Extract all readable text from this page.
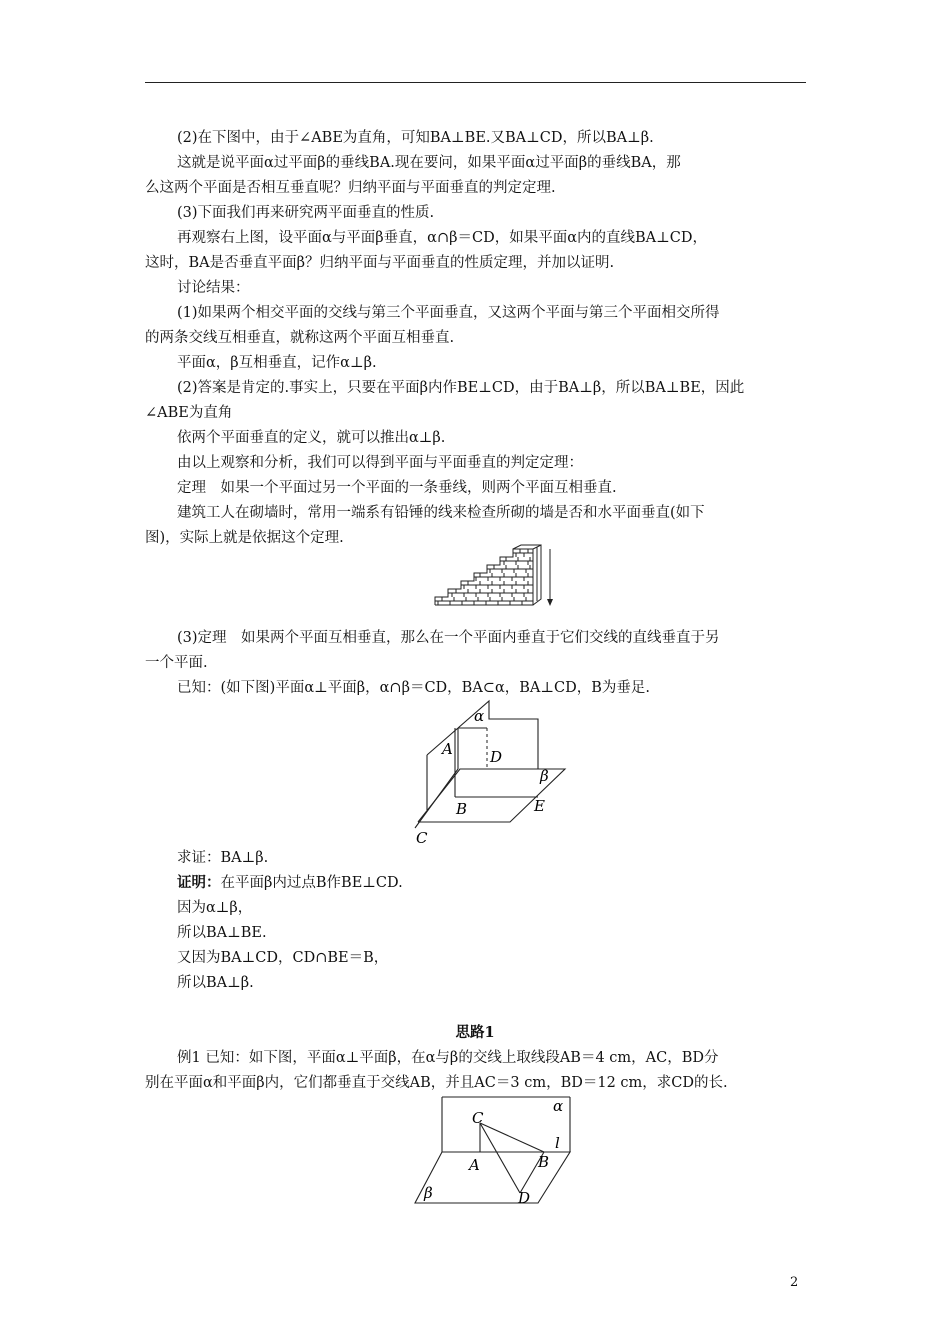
(2)在下图中，由于∠ABE为直角，可知BA⊥BE.又BA⊥CD，所以BA⊥β.
这就是说平面α过平面β的垂线BA.现在要问，如果平面α过平面β的垂线BA，那
么这两个平面是否相互垂直呢？归纳平面与平面垂直的判定定理.
(3)下面我们再来研究两平面垂直的性质.
再观察右上图，设平面α与平面β垂直，α∩β＝CD，如果平面α内的直线BA⊥CD，
这时，BA是否垂直平面β？归纳平面与平面垂直的性质定理，并加以证明.
讨论结果：
(1)如果两个相交平面的交线与第三个平面垂直，又这两个平面与第三个平面相交所得
的两条交线互相垂直，就称这两个平面互相垂直.
平面α，β互相垂直，记作α⊥β.
(2)答案是肯定的.事实上，只要在平面β内作BE⊥CD，由于BA⊥β，所以BA⊥BE，因此
∠ABE为直角
依两个平面垂直的定义，就可以推出α⊥β.
由以上观察和分析，我们可以得到平面与平面垂直的判定定理：
定理　如果一个平面过另一个平面的一条垂线，则两个平面互相垂直.
建筑工人在砌墙时，常用一端系有铅锤的线来检查所砌的墙是否和水平面垂直(如下
图)，实际上就是依据这个定理.
(3)定理　如果两个平面互相垂直，那么在一个平面内垂直于它们交线的直线垂直于另
一个平面.
已知：(如下图)平面α⊥平面β，α∩β＝CD，BA⊂α，BA⊥CD，B为垂足.
α
A D
β
B	E
C
求证：BA⊥β.
证明：在平面β内过点B作BE⊥CD.
因为α⊥β，
所以BA⊥BE.
又因为BA⊥CD，CD∩BE＝B，
所以BA⊥β.
思路1
例1 已知：如下图，平面α⊥平面β，在α与β的交线上取线段AB＝4 cm，AC，BD分
别在平面α和平面β内，它们都垂直于交线AB，并且AC＝3 cm，BD＝12 cm，求CD的长.
α
C
l
A	B
D
β
2
